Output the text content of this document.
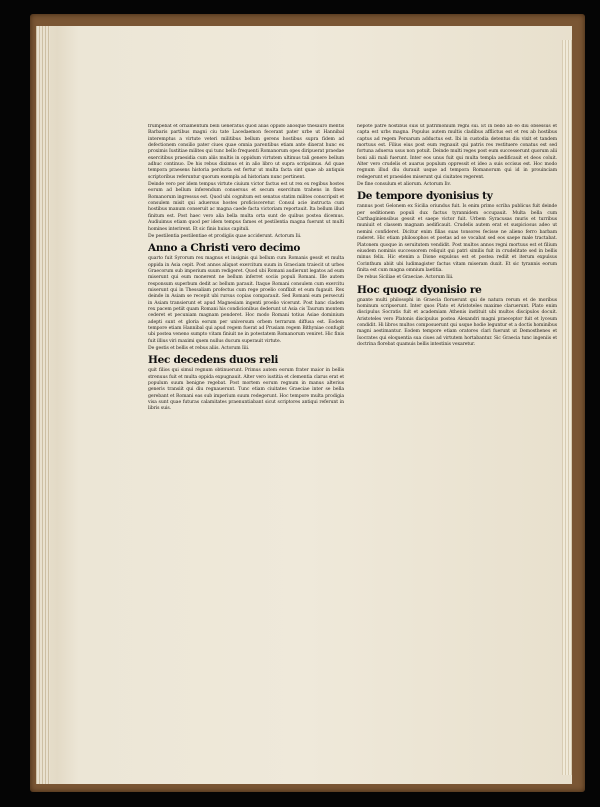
frumpebat et ornamentum belli ueneratus quod alias oppido aliosque thesauro mentis Barbaris partibus magni ciu tate Lacedaemon fecerant pater urbe ut Hannibal interemptus a virtute veteri militibus bellum gerens hostibus supra fidem ad defectionem consilio pater ciues quae omnia parentibus etiam ante dixerat hunc ex proximis Iustitiae milites qui tunc bello frequenti Romanorum opes diripuerat praedae exercitibus praesidia cum aliis multis in oppidum virtutem ultimus tali genere bellum adhuc continuo. De his rebus diximus et in alio libro ut supra scripsimus. Ad quae tempora praesens historia perducta est fertur ut multa facta sint quae ab antiquis scriptoribus referuntur quorum exempla ad historiam nunc pertinent.
Deinde vero per idem tempus virtute ciuium victor factus est ut rex ex regibus hostes eorum ad bellum inferendum conuersus et secum exercitum trahens in fines Romanorum ingressus est. Quod ubi cognitum est senatus statim milites conscripsit et consulem misit qui aduersus hostes proficisceretur. Consul acie instructa cum hostibus manum conseruit ac magna caede facta victoriam reportauit. Ita bellum illud finitum est. Post haec vero alia bella multa orta sunt de quibus postea dicemus. Audiuimus etiam quod per idem tempus fames et pestilentia magna fuerunt ut multi homines interirent. Et sic finis huius capituli.
De pestilentia pestilentiae et prodigiis quae acciderunt. Actorum Iii.
Anno a Christi vero decimo
quarto fuit Syrorum rex magnus et insignis qui bellum cum Romanis gessit et multa oppida in Asia cepit. Post annos aliquot exercitum suum in Graeciam traiecit ut urbes Graecorum sub imperium suum redigeret. Quod ubi Romani audierunt legatos ad eum miserunt qui eum monerent ne bellum inferret sociis populi Romani. Ille autem responsum superbum dedit ac bellum parauit. Itaque Romani consulem cum exercitu miserunt qui in Thessaliam profectus cum rege proelio conflixit et eum fugauit. Rex deinde in Asiam se recepit ubi rursus copias comparauit. Sed Romani eum persecuti in Asiam transierunt et apud Magnesiam ingenti proelio vicerunt. Post hanc cladem rex pacem petiit quam Romani his condicionibus dederunt ut Asia cis Taurum montem cederet et pecuniam magnam penderet. Hoc modo Romani totius Asiae dominium adepti sunt et gloria eorum per universum orbem terrarum diffusa est. Eodem tempore etiam Hannibal qui apud regem fuerat ad Prusiam regem Bithyniae confugit ubi postea veneno sumpto vitam finiuit ne in potestatem Romanorum veniret. Hic finis fuit illius viri maximi quem nullus ducum superauit virtute.
De gestis et bellis et rebus aliis. Actorum Iiii.
Hec decedens duos reli
quit filios qui simul regnum obtinuerunt. Primus autem eorum frater maior in bellis strenuus fuit et multa oppida expugnauit. Alter vero iustitia et clementia clarus erat et populum suum benigne regebat. Post mortem eorum regnum in manus alterius generis transiit qui diu regnauerunt. Tunc etiam ciuitates Graeciae inter se bella gerebant et Romani eas sub imperium suum redegerunt. Hoc tempore multa prodigia visa sunt quae futuras calamitates praenuntiabant sicut scriptores antiqui referunt in libris suis.
nepote patre hostibus suis ut patrimonium regni sui. Et in bello ab eo diu obsessus et capta est urbs magna. Populus autem multis cladibus afflictus est et rex ab hostibus captus ad regem Persarum adductus est. Ibi in custodia detentus diu vixit et tandem mortuus est. Filius eius post eum regnauit qui patris res restituere conatus est sed fortuna aduersa usus non potuit. Deinde multi reges post eum successerunt quorum alii boni alii mali fuerunt. Inter eos unus fuit qui multa templa aedificauit et deos coluit. Alter vero crudelis et auarus populum oppressit et ideo a suis occisus est. Hoc modo regnum illud diu durauit usque ad tempora Romanorum qui id in prouinciam redegerunt et praesides miserunt qui ciuitates regerent.
De fine consulum et aliorum. Actorum Iiv.
De tempore dyonisius ty
rannus post Gelonem ex Sicilia oriundus fuit. Is enim primo scriba publicus fuit deinde per seditionem populi dux factus tyrannidem occupauit. Multa bella cum Carthaginiensibus gessit et saepe victor fuit. Urbem Syracusas muris et turribus muniuit et classem magnam aedificauit. Crudelis autem erat et suspiciosus adeo ut nemini confideret. Dicitur enim filias suas tonsores fecisse ne alieno ferro barbam raderet. Hic etiam philosophos et poetas ad se vocabat sed eos saepe male tractabat. Platonem quoque in seruitutem vendidit. Post multos annos regni mortuus est et filium eiusdem nominis successorem reliquit qui patri similis fuit in crudelitate sed in bellis minus felix. Hic etenim a Dione expulsus est et postea rediit et iterum expulsus Corinthum abiit ubi ludimagister factus vitam miseram duxit. Et sic tyrannis eorum finita est cum magna omnium laetitia.
De rebus Siciliae et Graeciae. Actorum Iiii.
Hoc quoqz dyonisio re
gnante multi philosophi in Graecia floruerunt qui de natura rerum et de moribus hominum scripserunt. Inter quos Plato et Aristoteles maxime claruerunt. Plato enim discipulus Socratis fuit et academiam Athenis instituit ubi multos discipulos docuit. Aristoteles vero Platonis discipulus postea Alexandri magni praeceptor fuit et lyceum condidit. Hi libros multos composuerunt qui usque hodie leguntur et a doctis hominibus magni aestimantur. Eodem tempore etiam oratores clari fuerunt ut Demosthenes et Isocrates qui eloquentia sua ciues ad virtutem hortabantur. Sic Graecia tunc ingeniis et doctrina florebat quamuis bellis intestinis vexaretur.
